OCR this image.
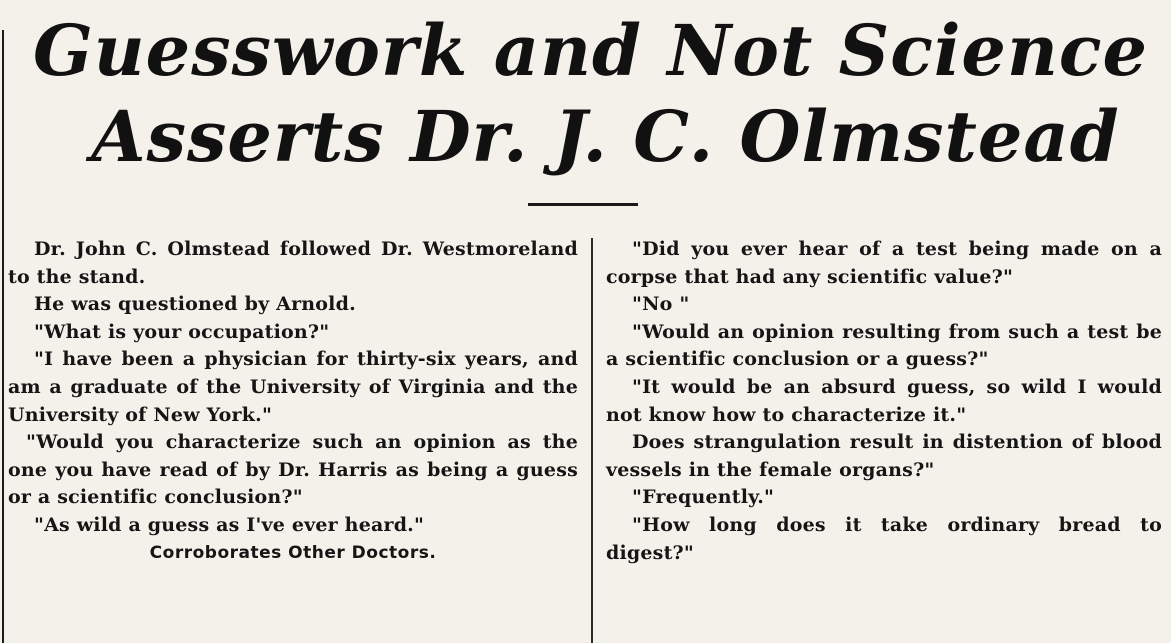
Guesswork and Not Science
Asserts Dr. J. C. Olmstead

Dr. John C. Olmstead followed Dr. Westmoreland to the stand.

He was questioned by Arnold.

"What is your occupation?"

"I have been a physician for thirty-six years, and am a graduate of the University of Virginia and the University of New York."

"Would you characterize such an opinion as the one you have read of by Dr. Harris as being a guess or a scientific conclusion?"

"As wild a guess as I've ever heard."

Corroborates Other Doctors.

"Did you ever hear of a test being made on a corpse that had any scientific value?"

"No "

"Would an opinion resulting from such a test be a scientific conclusion or a guess?"

"It would be an absurd guess, so wild I would not know how to characterize it."

Does strangulation result in distention of blood vessels in the female organs?"

"Frequently."

"How long does it take ordinary bread to digest?"
